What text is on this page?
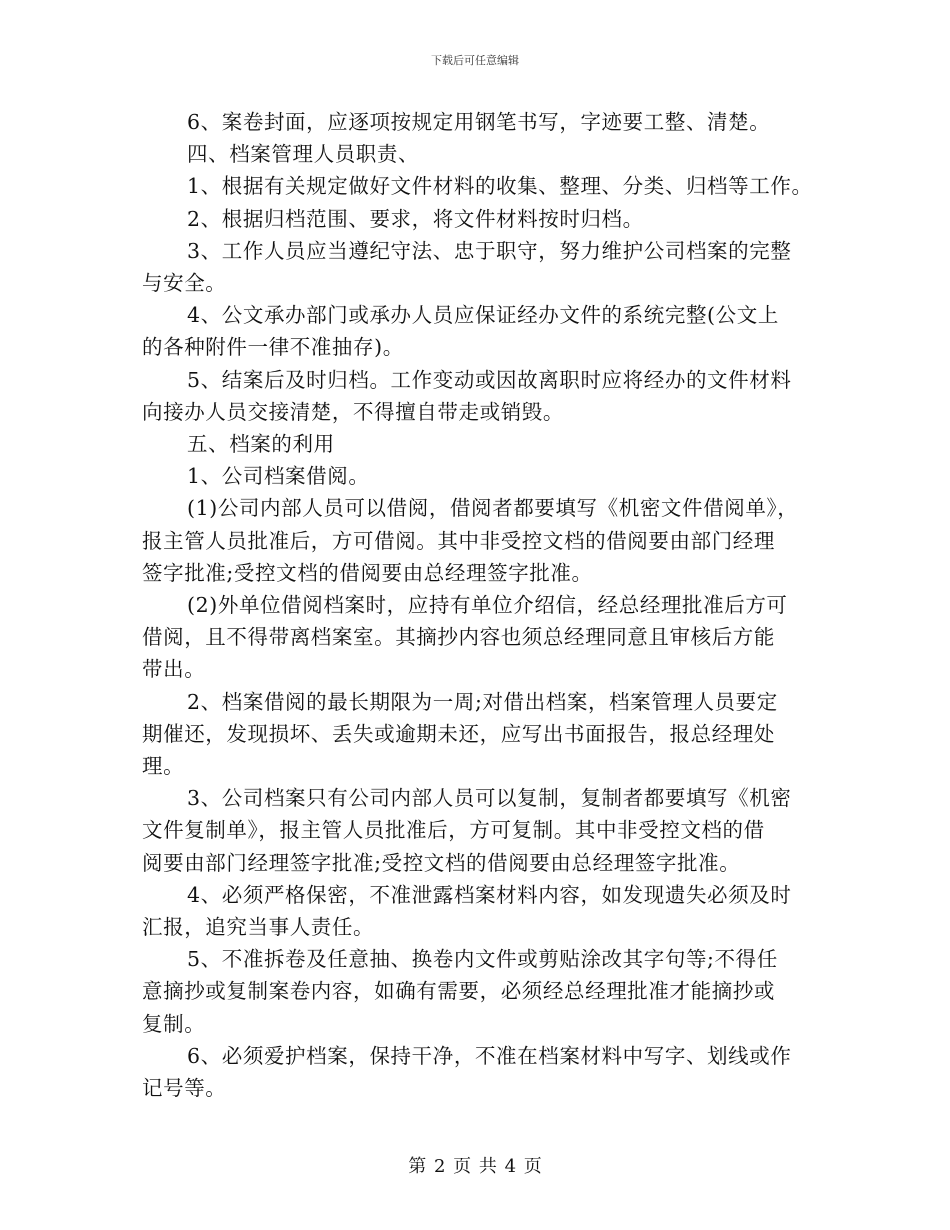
下载后可任意编辑

6、案卷封面，应逐项按规定用钢笔书写，字迹要工整、清楚。

四、档案管理人员职责、

1、根据有关规定做好文件材料的收集、整理、分类、归档等工作。

2、根据归档范围、要求，将文件材料按时归档。

3、工作人员应当遵纪守法、忠于职守，努力维护公司档案的完整

与安全。

4、公文承办部门或承办人员应保证经办文件的系统完整(公文上

的各种附件一律不准抽存)。

5、结案后及时归档。工作变动或因故离职时应将经办的文件材料

向接办人员交接清楚，不得擅自带走或销毁。

五、档案的利用

1、公司档案借阅。

(1)公司内部人员可以借阅，借阅者都要填写《机密文件借阅单》，

报主管人员批准后，方可借阅。其中非受控文档的借阅要由部门经理

签字批准;受控文档的借阅要由总经理签字批准。

(2)外单位借阅档案时，应持有单位介绍信，经总经理批准后方可

借阅，且不得带离档案室。其摘抄内容也须总经理同意且审核后方能

带出。

2、档案借阅的最长期限为一周;对借出档案，档案管理人员要定

期催还，发现损坏、丢失或逾期未还，应写出书面报告，报总经理处

理。

3、公司档案只有公司内部人员可以复制，复制者都要填写《机密

文件复制单》，报主管人员批准后，方可复制。其中非受控文档的借

阅要由部门经理签字批准;受控文档的借阅要由总经理签字批准。

4、必须严格保密，不准泄露档案材料内容，如发现遗失必须及时

汇报，追究当事人责任。

5、不准拆卷及任意抽、换卷内文件或剪贴涂改其字句等;不得任

意摘抄或复制案卷内容，如确有需要，必须经总经理批准才能摘抄或

复制。

6、必须爱护档案，保持干净，不准在档案材料中写字、划线或作

记号等。

第 2 页 共 4 页
